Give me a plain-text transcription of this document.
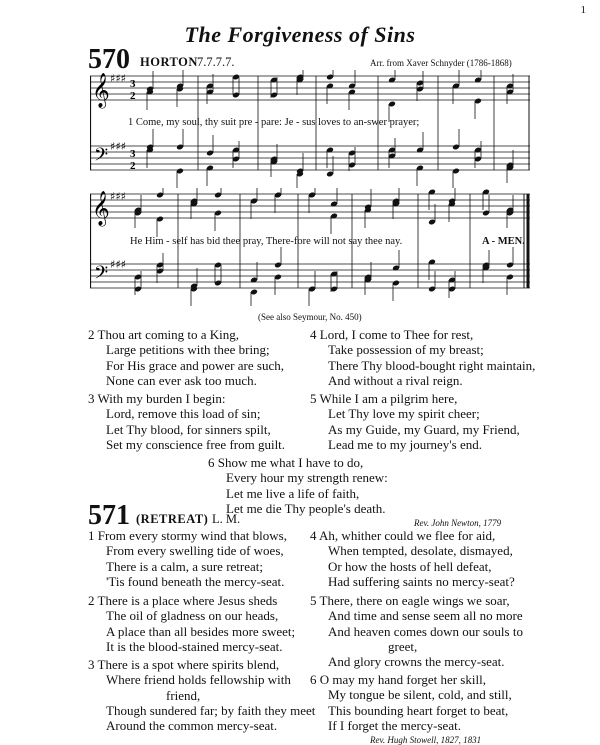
1
The Forgiveness of Sins
570 HORTON 7.7.7.7.	Arr. from Xaver Schnyder (1786-1868)
𝄞
𝄢
♯♯♯
♯♯♯
3
2
3
2
1 Come, my soul, thy suit pre - pare: Je - sus loves to an-swer prayer;
𝄞
𝄢
♯♯♯
♯♯♯
He Him - self has bid thee pray, There-fore will not say thee nay.	A - MEN.
(See also Seymour, No. 450)
2 Thou art coming to a King,
Large petitions with thee bring;
For His grace and power are such,
None can ever ask too much.
3 With my burden I begin:
Lord, remove this load of sin;
Let Thy blood, for sinners spilt,
Set my conscience free from guilt.
4 Lord, I come to Thee for rest,
Take possession of my breast;
There Thy blood-bought right maintain,
And without a rival reign.
5 While I am a pilgrim here,
Let Thy love my spirit cheer;
As my Guide, my Guard, my Friend,
Lead me to my journey's end.
6 Show me what I have to do,
Every hour my strength renew:
Let me live a life of faith,
Let me die Thy people's death.
Rev. John Newton, 1779
571 (RETREAT) L. M.
1 From every stormy wind that blows,
From every swelling tide of woes,
There is a calm, a sure retreat;
'Tis found beneath the mercy-seat.
2 There is a place where Jesus sheds
The oil of gladness on our heads,
A place than all besides more sweet;
It is the blood-stained mercy-seat.
3 There is a spot where spirits blend,
Where friend holds fellowship with
friend,
Though sundered far; by faith they meet
Around the common mercy-seat.
4 Ah, whither could we flee for aid,
When tempted, desolate, dismayed,
Or how the hosts of hell defeat,
Had suffering saints no mercy-seat?
5 There, there on eagle wings we soar,
And time and sense seem all no more
And heaven comes down our souls to
greet,
And glory crowns the mercy-seat.
6 O may my hand forget her skill,
My tongue be silent, cold, and still,
This bounding heart forget to beat,
If I forget the mercy-seat.
Rev. Hugh Stowell, 1827, 1831
